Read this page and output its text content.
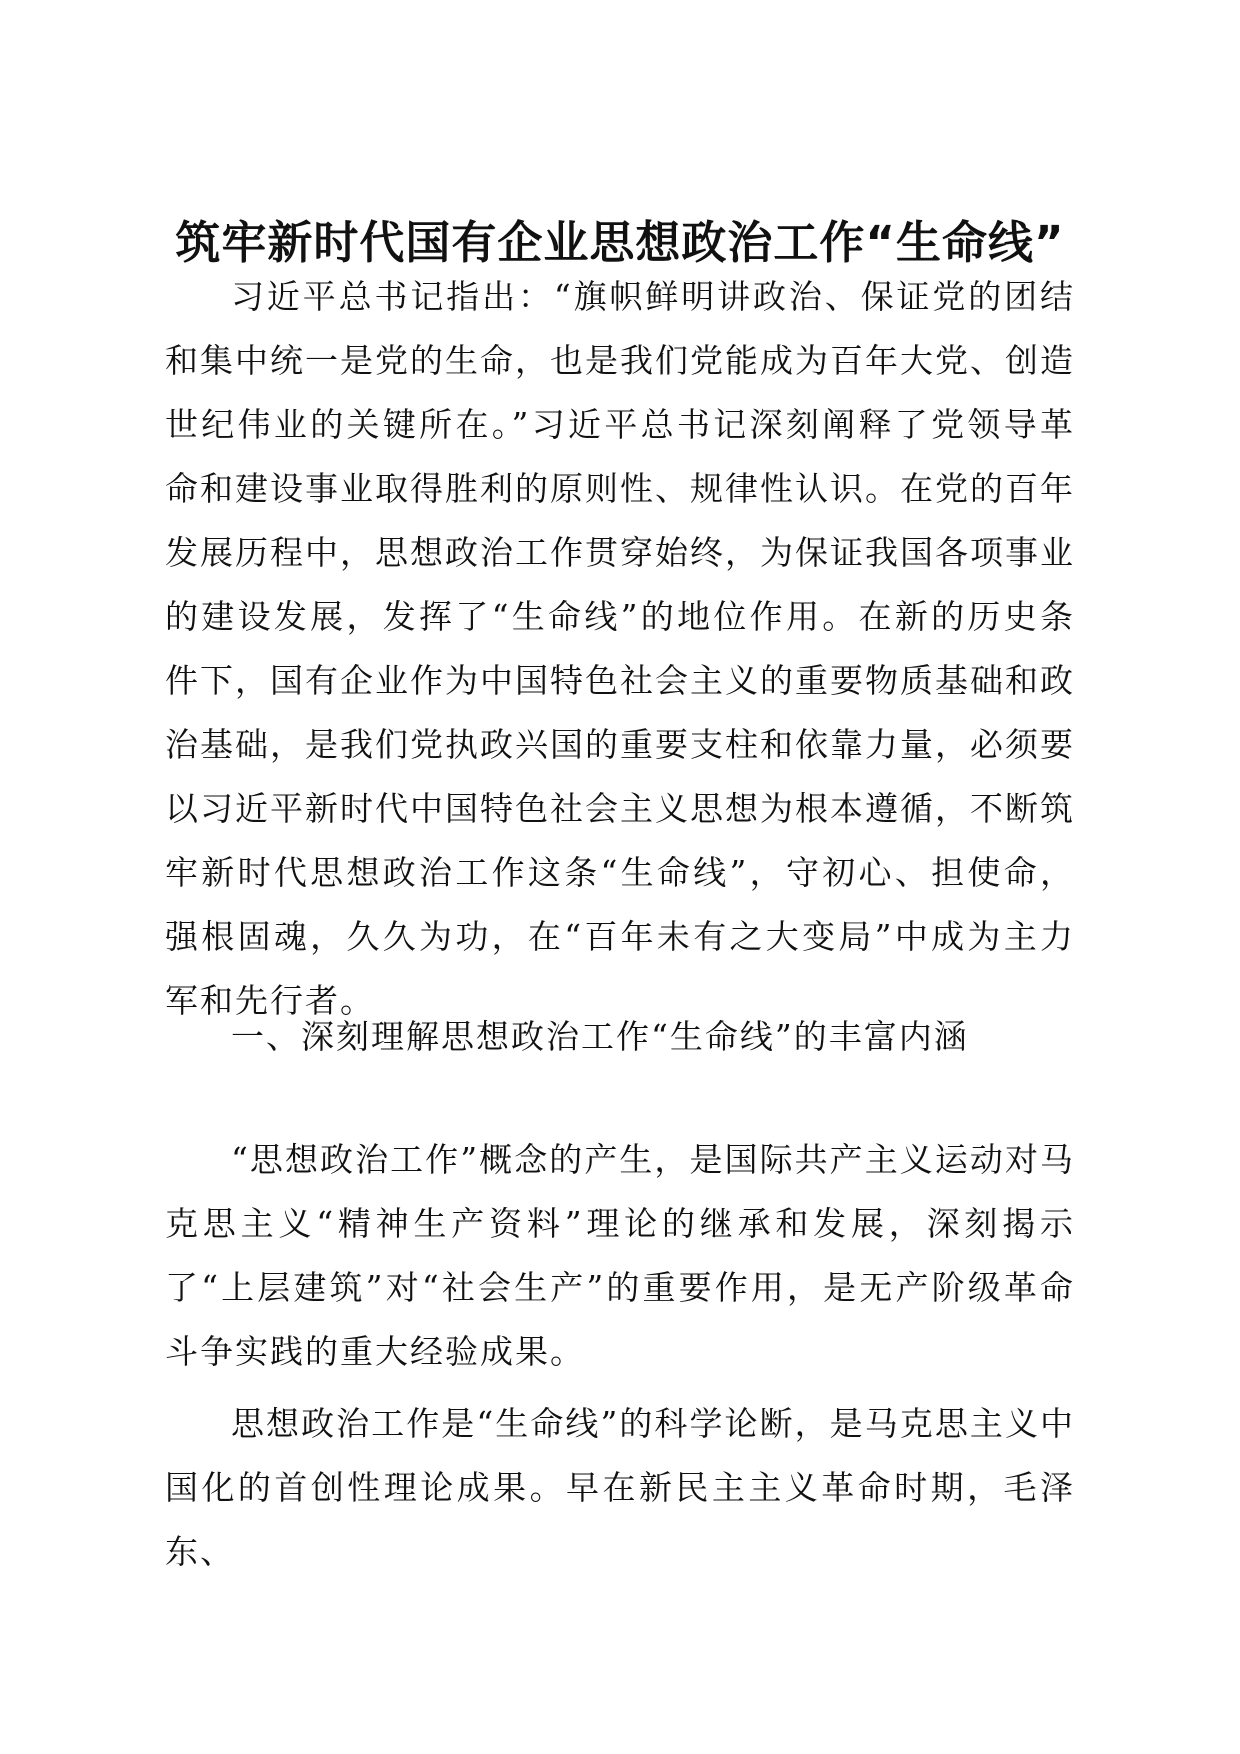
筑牢新时代国有企业思想政治工作“生命线”

习近平总书记指出：“旗帜鲜明讲政治、保证党的团结和集中统一是党的生命，也是我们党能成为百年大党、创造世纪伟业的关键所在。”习近平总书记深刻阐释了党领导革命和建设事业取得胜利的原则性、规律性认识。在党的百年发展历程中，思想政治工作贯穿始终，为保证我国各项事业的建设发展，发挥了“生命线”的地位作用。在新的历史条件下，国有企业作为中国特色社会主义的重要物质基础和政治基础，是我们党执政兴国的重要支柱和依靠力量，必须要以习近平新时代中国特色社会主义思想为根本遵循，不断筑牢新时代思想政治工作这条“生命线”，守初心、担使命，强根固魂，久久为功，在“百年未有之大变局”中成为主力军和先行者。

一、深刻理解思想政治工作“生命线”的丰富内涵

“思想政治工作”概念的产生，是国际共产主义运动对马克思主义“精神生产资料”理论的继承和发展，深刻揭示了“上层建筑”对“社会生产”的重要作用，是无产阶级革命斗争实践的重大经验成果。

思想政治工作是“生命线”的科学论断，是马克思主义中国化的首创性理论成果。早在新民主主义革命时期，毛泽东、
